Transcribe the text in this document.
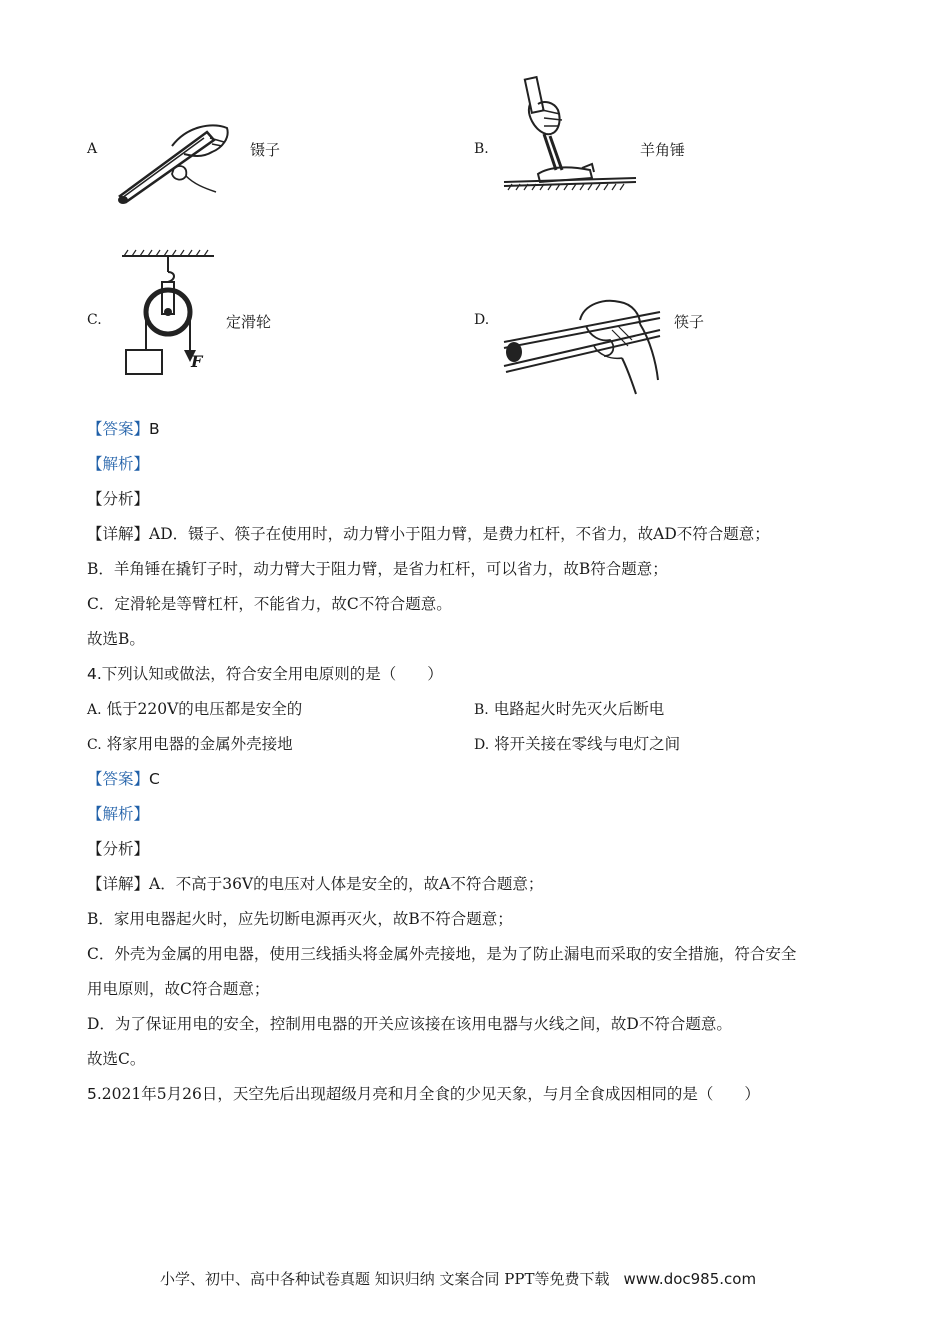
A	镊子	B.	羊角锤
C.
F
定滑轮	D.	筷子
【答案】B
【解析】
【分析】
【详解】AD．镊子、筷子在使用时，动力臂小于阻力臂，是费力杠杆，不省力，故AD不符合题意；
B．羊角锤在撬钉子时，动力臂大于阻力臂，是省力杠杆，可以省力，故B符合题意；
C．定滑轮是等臂杠杆，不能省力，故C不符合题意。
故选B。
4.下列认知或做法，符合安全用电原则的是（　　）
A. 低于220V的电压都是安全的	B. 电路起火时先灭火后断电
C. 将家用电器的金属外壳接地	D. 将开关接在零线与电灯之间
【答案】C
【解析】
【分析】
【详解】A．不高于36V的电压对人体是安全的，故A不符合题意；
B．家用电器起火时，应先切断电源再灭火，故B不符合题意；
C．外壳为金属的用电器，使用三线插头将金属外壳接地，是为了防止漏电而采取的安全措施，符合安全
用电原则，故C符合题意；
D．为了保证用电的安全，控制用电器的开关应该接在该用电器与火线之间，故D不符合题意。
故选C。
5.2021年5月26日，天空先后出现超级月亮和月全食的少见天象，与月全食成因相同的是（　　）
小学、初中、高中各种试卷真题 知识归纳 文案合同 PPT等免费下载 www.doc985.com
